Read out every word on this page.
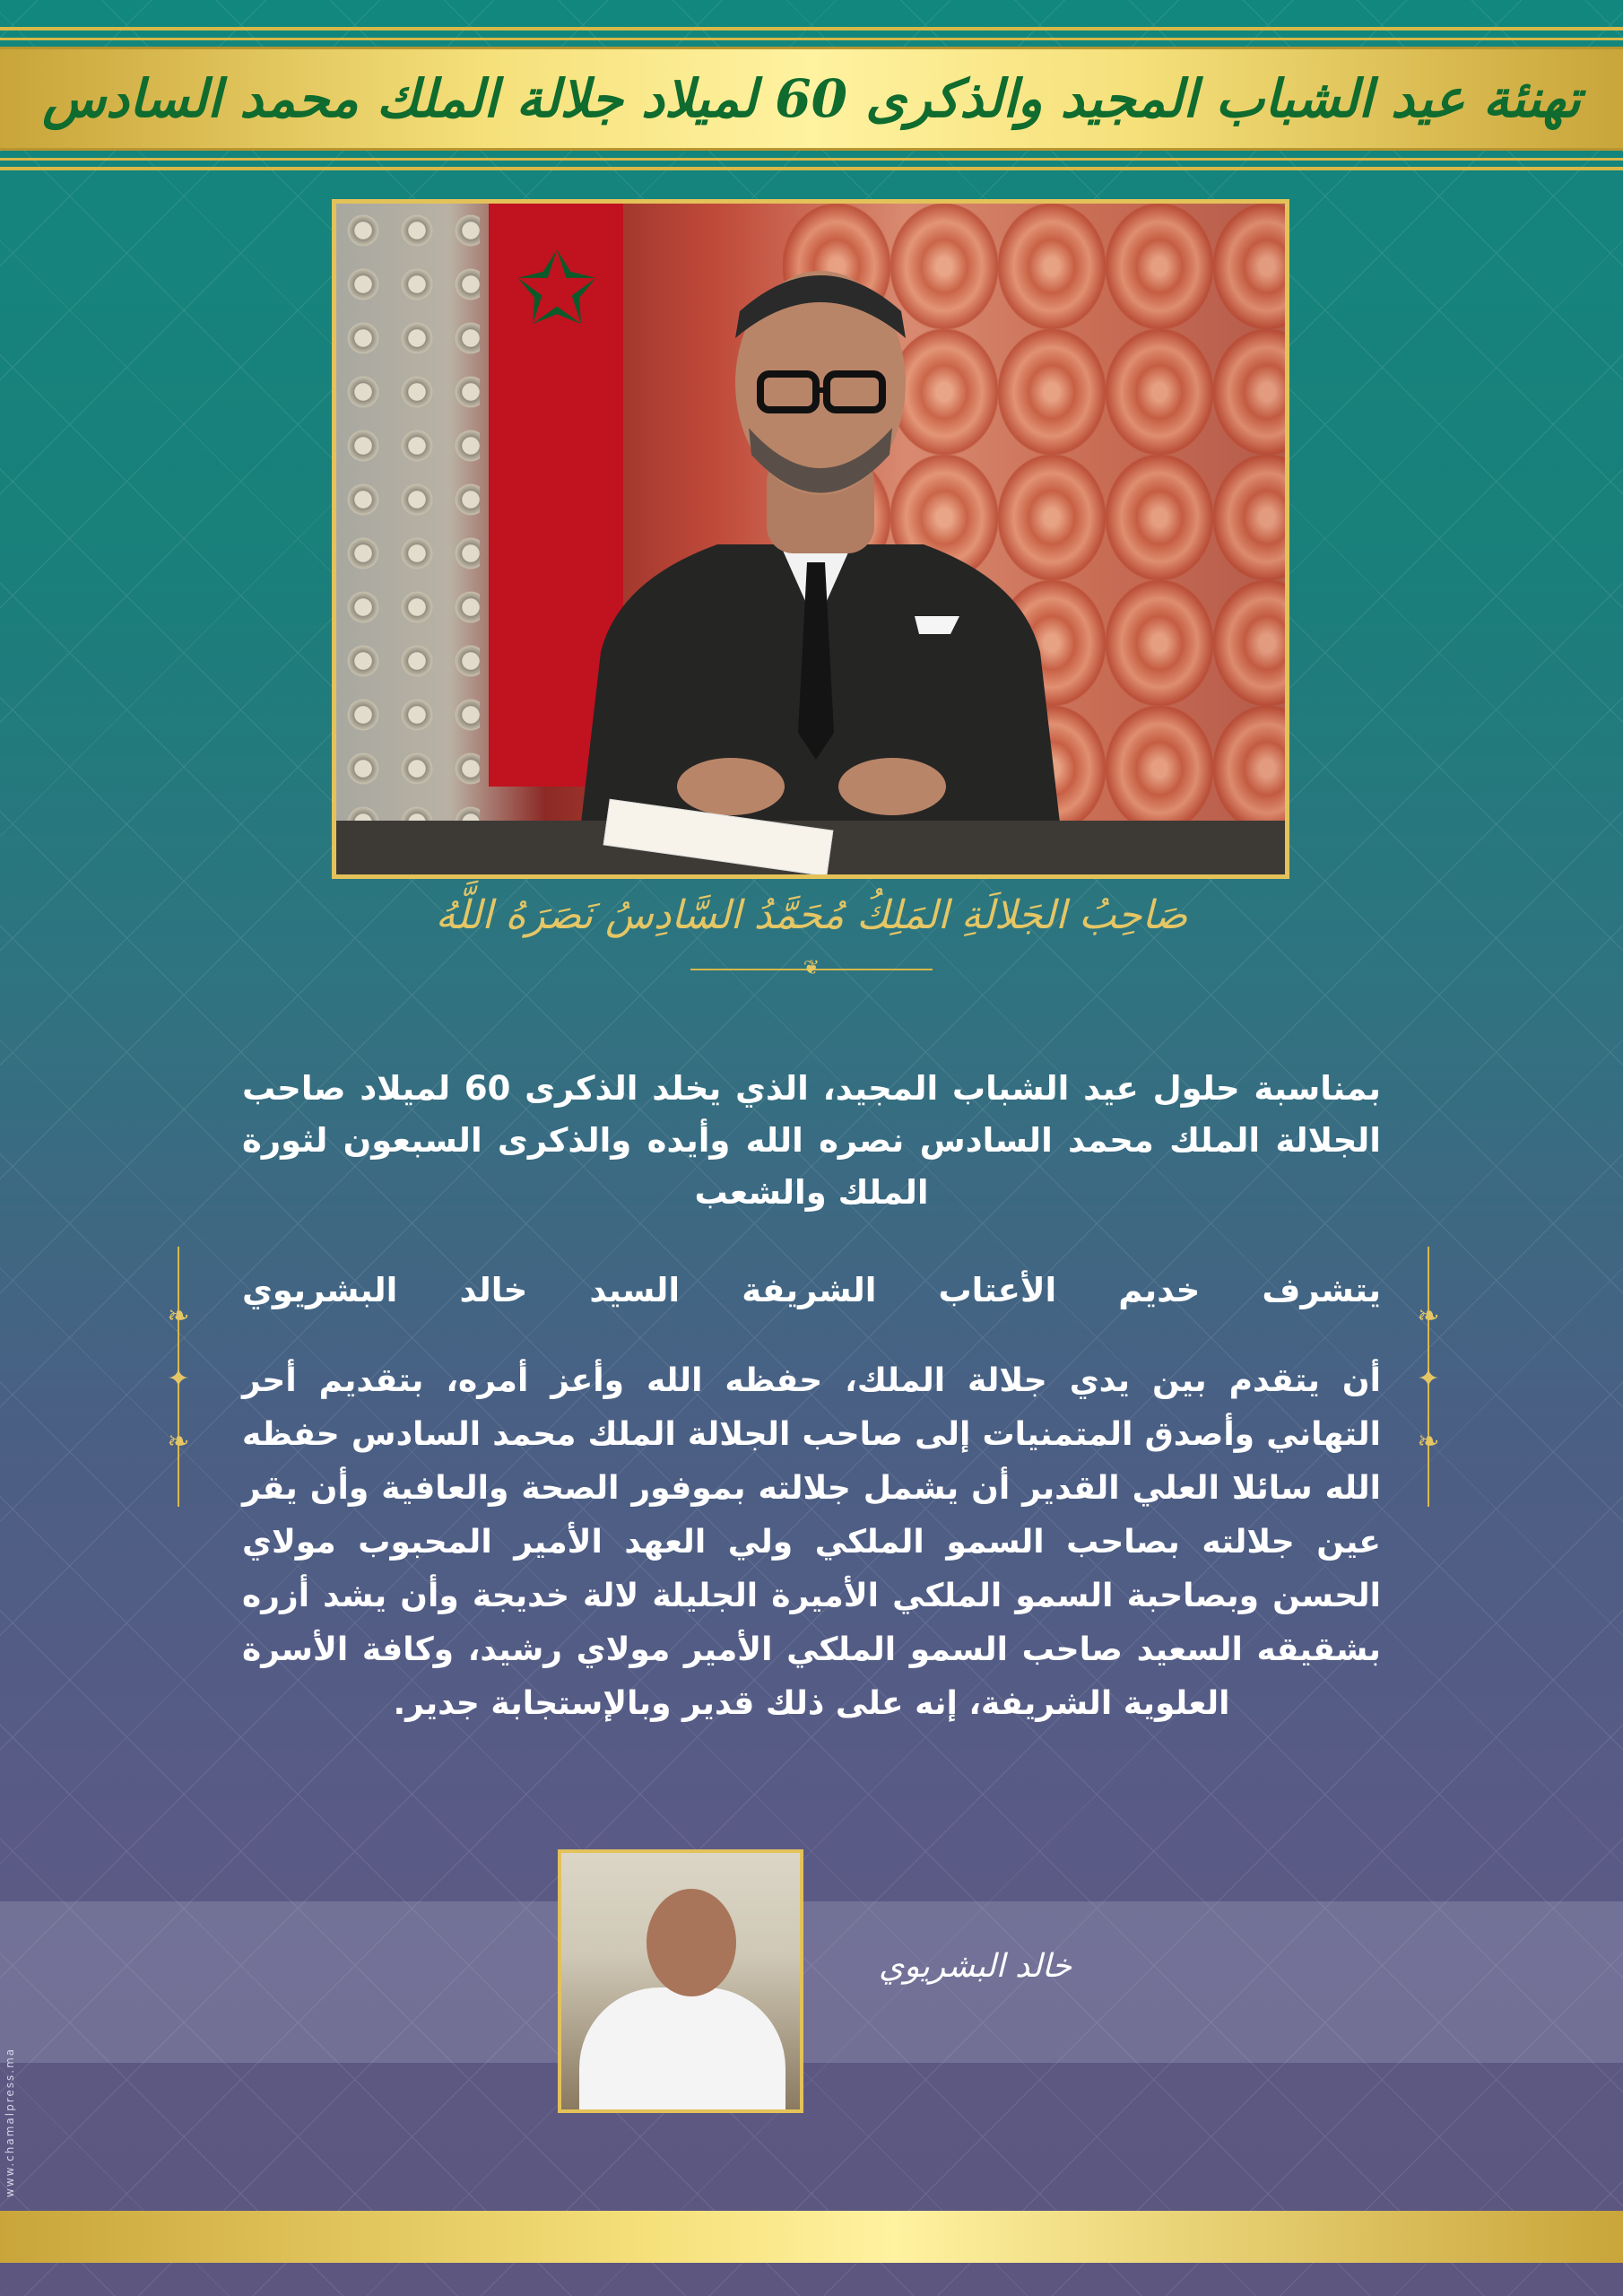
تهنئة عيد الشباب المجيد والذكرى 60 لميلاد جلالة الملك محمد السادس
✩
صَاحِبُ الجَلالَةِ المَلِكُ مُحَمَّدُ السَّادِسُ نَصَرَهُ اللَّهُ
❦
بمناسبة حلول عيد الشباب المجيد، الذي يخلد الذكرى 60 لميلاد صاحب الجلالة الملك محمد السادس نصره الله وأيده والذكرى السبعون لثورة الملك والشعب
❧
✦
❧
❧
✦
❧
يتشرف خديم الأعتاب الشريفة السيد خالد البشريوي
أن يتقدم بين يدي جلالة الملك، حفظه الله وأعز أمره، بتقديم أحر التهاني وأصدق المتمنيات إلى صاحب الجلالة الملك محمد السادس حفظه الله سائلا العلي القدير أن يشمل جلالته بموفور الصحة والعافية وأن يقر عين جلالته بصاحب السمو الملكي ولي العهد الأمير المحبوب مولاي الحسن وبصاحبة السمو الملكي الأميرة الجليلة لالة خديجة وأن يشد أزره بشقيقه السعيد صاحب السمو الملكي الأمير مولاي رشيد، وكافة الأسرة العلوية الشريفة، إنه على ذلك قدير وبالإستجابة جدير.
خالد البشريوي
www.chamalpress.ma
